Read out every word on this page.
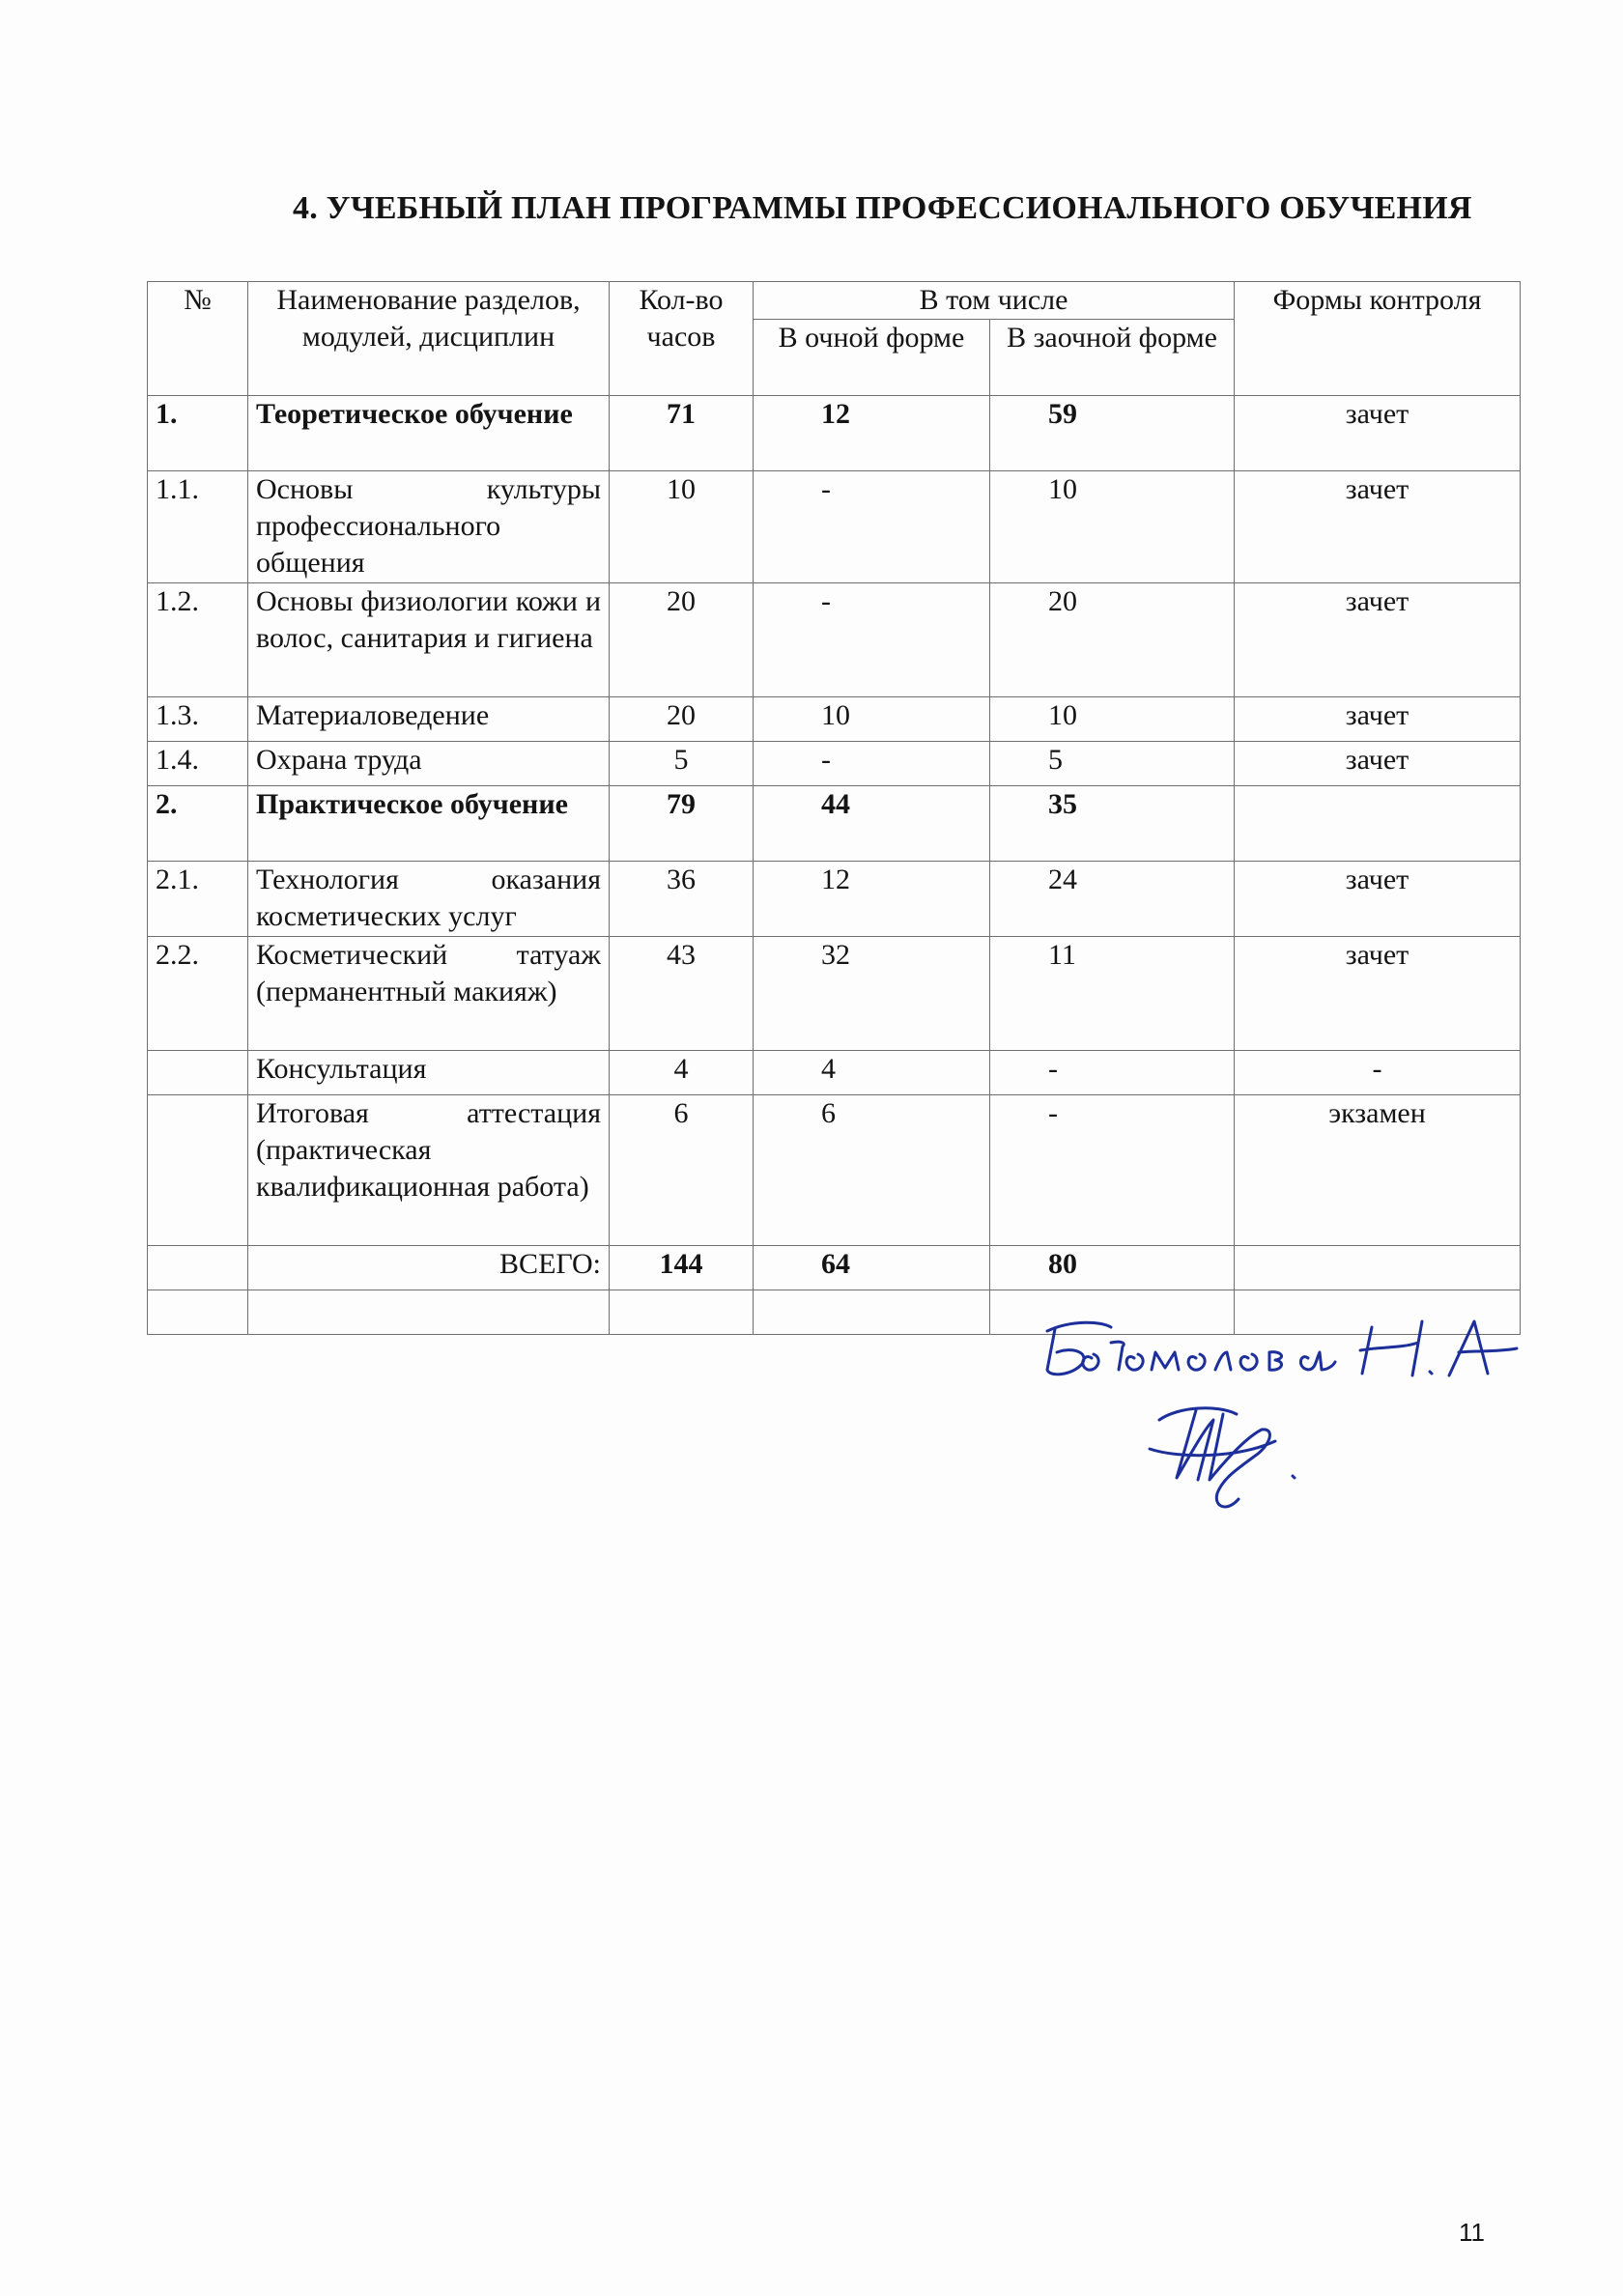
4. УЧЕБНЫЙ ПЛАН ПРОГРАММЫ ПРОФЕССИОНАЛЬНОГО ОБУЧЕНИЯ
№	Наименование разделов, модулей, дисциплин	Кол-во часов	В том числе		Формы контроля
			В очной форме	В заочной форме	
1.	Теоретическое обучение	71	12	59	зачет
1.1.	Основы культуры профессионального общения	10	-	10	зачет
1.2.	Основы физиологии кожи и волос, санитария и гигиена	20	-	20	зачет
1.3.	Материаловедение	20	10	10	зачет
1.4.	Охрана труда	5	-	5	зачет
2.	Практическое обучение	79	44	35	
2.1.	Технология оказания косметических услуг	36	12	24	зачет
2.2.	Косметический татуаж (перманентный макияж)	43	32	11	зачет
	Консультация	4	4	-	-
	Итоговая аттестация (практическая квалификационная работа)	6	6	-	экзамен
	ВСЕГО:	144	64	80	

11
